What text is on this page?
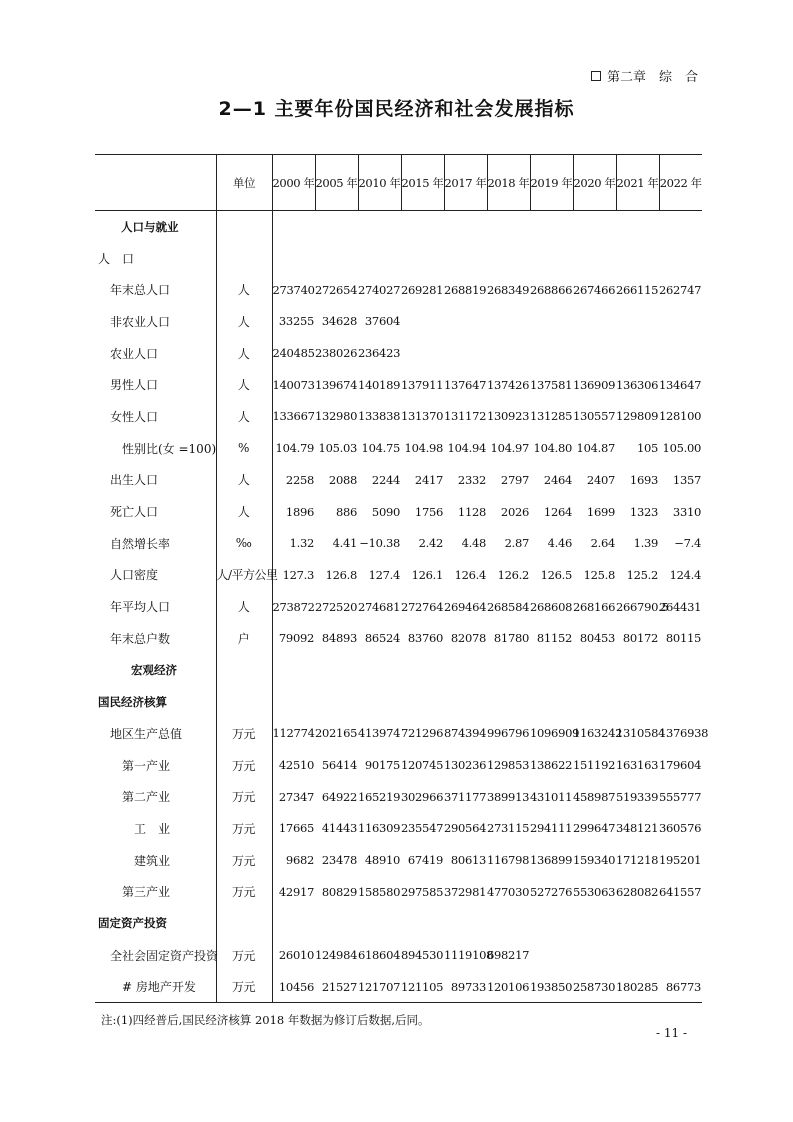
第二章　综　合
2—1 主要年份国民经济和社会发展指标
	单位	2000 年	2005 年	2010 年	2015 年	2017 年	2018 年	2019 年	2020 年	2021 年	2022 年
人口与就业											
人　口											
年末总人口	人	273740	272654	274027	269281	268819	268349	268866	267466	266115	262747
非农业人口	人	33255	34628	37604							
农业人口	人	240485	238026	236423							
男性人口	人	140073	139674	140189	137911	137647	137426	137581	136909	136306	134647
女性人口	人	133667	132980	133838	131370	131172	130923	131285	130557	129809	128100
性别比(女 =100)	%	104.79	105.03	104.75	104.98	104.94	104.97	104.80	104.87	105	105.00
出生人口	人	2258	2088	2244	2417	2332	2797	2464	2407	1693	1357
死亡人口	人	1896	886	5090	1756	1128	2026	1264	1699	1323	3310
自然增长率	‰	1.32	4.41	−10.38	2.42	4.48	2.87	4.46	2.64	1.39	−7.4
人口密度	人/平方公里	127.3	126.8	127.4	126.1	126.4	126.2	126.5	125.8	125.2	124.4
年平均人口	人	273872	272520	274681	272764	269464	268584	268608	268166	266790.5	264431
年末总户数	户	79092	84893	86524	83760	82078	81780	81152	80453	80172	80115
宏观经济											
国民经济核算											
地区生产总值	万元	112774	202165	413974	721296	874394	996796	1096909	1163242	1310584	1376938
第一产业	万元	42510	56414	90175	120745	130236	129853	138622	151192	163163	179604
第二产业	万元	27347	64922	165219	302966	371177	389913	431011	458987	519339	555777
工　业	万元	17665	41443	116309	235547	290564	273115	294111	299647	348121	360576
建筑业	万元	9682	23478	48910	67419	80613	116798	136899	159340	171218	195201
第三产业	万元	42917	80829	158580	297585	372981	477030	527276	553063	628082	641557
固定资产投资											
全社会固定资产投资	万元	26010	124984	618604	894530	1119108	698217				
# 房地产开发	万元	10456	21527	121707	121105	89733	120106	193850	258730	180285	86773
注:(1)四经普后,国民经济核算 2018 年数据为修订后数据,后同。
- 11 -
